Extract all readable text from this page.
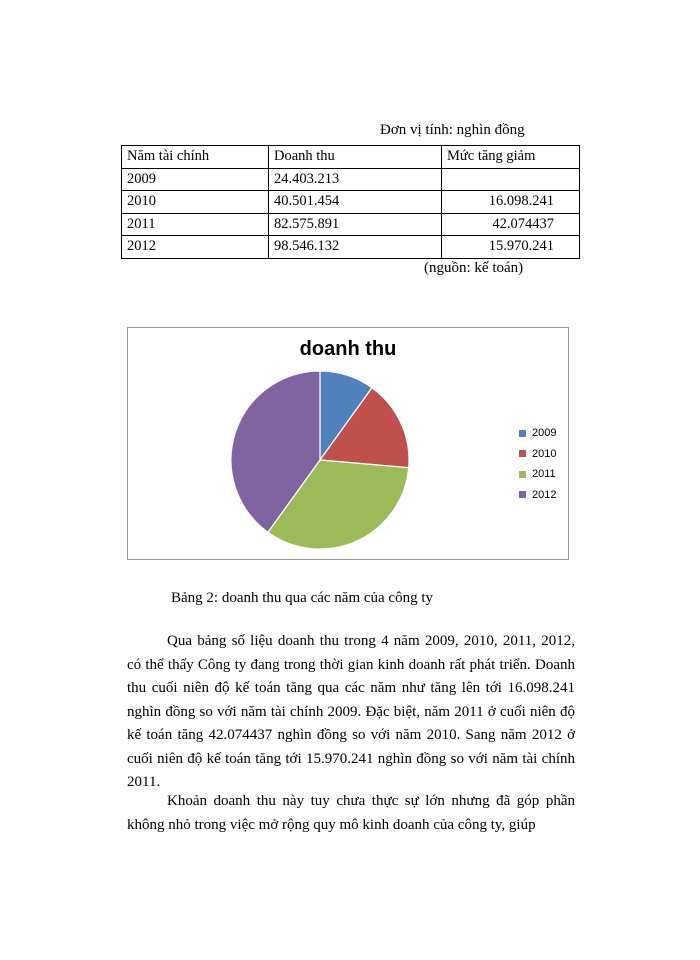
Đơn vị tính: nghìn đồng
Năm tài chính	Doanh thu	Mức tăng giảm
2009	24.403.213	
2010	40.501.454	16.098.241
2011	82.575.891	42.074437
2012	98.546.132	15.970.241
(nguồn: kế toán)
doanh thu
2009
2010
2011
2012
Bảng 2: doanh thu qua các năm của công ty

Qua bảng số liệu doanh thu trong 4 năm 2009, 2010, 2011, 2012, có thể thấy Công ty đang trong thời gian kinh doanh rất phát triển. Doanh thu cuối niên độ kế toán tăng qua các năm như tăng lên tới 16.098.241 nghìn đồng so với năm tài chính 2009. Đặc biệt, năm 2011 ở cuối niên độ kế toán tăng 42.074437 nghìn đồng so với năm 2010. Sang năm 2012 ở cuối niên độ kế toán tăng tới 15.970.241 nghìn đồng so với năm tài chính 2011.

Khoản doanh thu này tuy chưa thực sự lớn nhưng đã góp phần không nhỏ trong việc mở rộng quy mô kinh doanh của công ty, giúp
